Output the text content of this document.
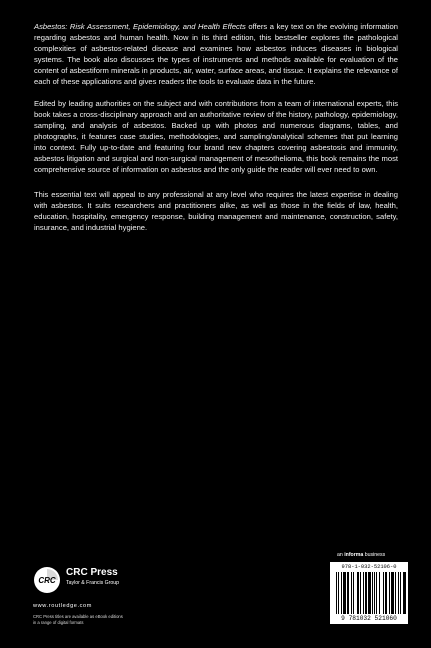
Asbestos: Risk Assessment, Epidemiology, and Health Effects offers a key text on the evolving information regarding asbestos and human health. Now in its third edition, this bestseller explores the pathological complexities of asbestos-related disease and examines how asbestos induces diseases in biological systems. The book also discusses the types of instruments and methods available for evaluation of the content of asbestiform minerals in products, air, water, surface areas, and tissue. It explains the relevance of each of these applications and gives readers the tools to evaluate data in the future.

Edited by leading authorities on the subject and with contributions from a team of international experts, this book takes a cross-disciplinary approach and an authoritative review of the history, pathology, epidemiology, sampling, and analysis of asbestos. Backed up with photos and numerous diagrams, tables, and photographs, it features case studies, methodologies, and sampling/analytical schemes that put learning into context. Fully up-to-date and featuring four brand new chapters covering asbestosis and immunity, asbestos litigation and surgical and non-surgical management of mesothelioma, this book remains the most comprehensive source of information on asbestos and the only guide the reader will ever need to own.

This essential text will appeal to any professional at any level who requires the latest expertise in dealing with asbestos. It suits researchers and practitioners alike, as well as those in the fields of law, health, education, hospitality, emergency response, building management and maintenance, construction, safety, insurance, and industrial hygiene.

an informa business
978-1-032-52106-0
9 781032 521060
CRC
CRC Press
Taylor & Francis Group
www.routledge.com
CRC Press titles are available as eBook editions in a range of digital formats
